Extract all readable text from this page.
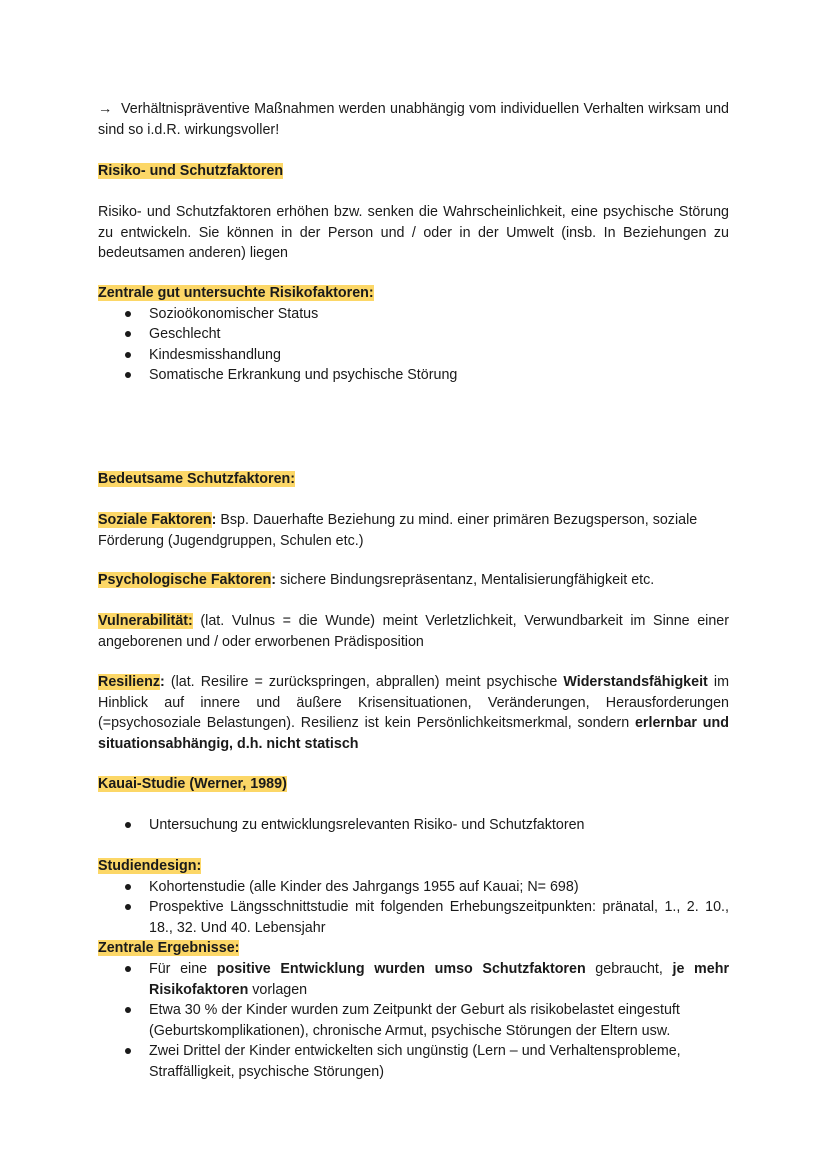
→ Verhältnispräventive Maßnahmen werden unabhängig vom individuellen Verhalten wirksam und sind so i.d.R. wirkungsvoller!
Risiko- und Schutzfaktoren
Risiko- und Schutzfaktoren erhöhen bzw. senken die Wahrscheinlichkeit, eine psychische Störung zu entwickeln. Sie können in der Person und / oder in der Umwelt (insb. In Beziehungen zu bedeutsamen anderen) liegen
Zentrale gut untersuchte Risikofaktoren:
Sozioökonomischer Status
Geschlecht
Kindesmisshandlung
Somatische Erkrankung und psychische Störung
Bedeutsame Schutzfaktoren:
Soziale Faktoren: Bsp. Dauerhafte Beziehung zu mind. einer primären Bezugsperson, soziale Förderung (Jugendgruppen, Schulen etc.)
Psychologische Faktoren: sichere Bindungsrepräsentanz, Mentalisierungfähigkeit etc.
Vulnerabilität: (lat. Vulnus = die Wunde) meint Verletzlichkeit, Verwundbarkeit im Sinne einer angeborenen und / oder erworbenen Prädisposition
Resilienz: (lat. Resilire = zurückspringen, abprallen) meint psychische Widerstandsfähigkeit im Hinblick auf innere und äußere Krisensituationen, Veränderungen, Herausforderungen (=psychosoziale Belastungen). Resilienz ist kein Persönlichkeitsmerkmal, sondern erlernbar und situationsabhängig, d.h. nicht statisch
Kauai-Studie (Werner, 1989)
Untersuchung zu entwicklungsrelevanten Risiko- und Schutzfaktoren
Studiendesign:
Kohortenstudie (alle Kinder des Jahrgangs 1955 auf Kauai; N= 698)
Prospektive Längsschnittstudie mit folgenden Erhebungszeitpunkten: pränatal, 1., 2. 10., 18., 32. Und 40. Lebensjahr
Zentrale Ergebnisse:
Für eine positive Entwicklung wurden umso Schutzfaktoren gebraucht, je mehr Risikofaktoren vorlagen
Etwa 30 % der Kinder wurden zum Zeitpunkt der Geburt als risikobelastet eingestuft (Geburtskomplikationen), chronische Armut, psychische Störungen der Eltern usw.
Zwei Drittel der Kinder entwickelten sich ungünstig (Lern – und Verhaltensprobleme, Straffälligkeit, psychische Störungen)
